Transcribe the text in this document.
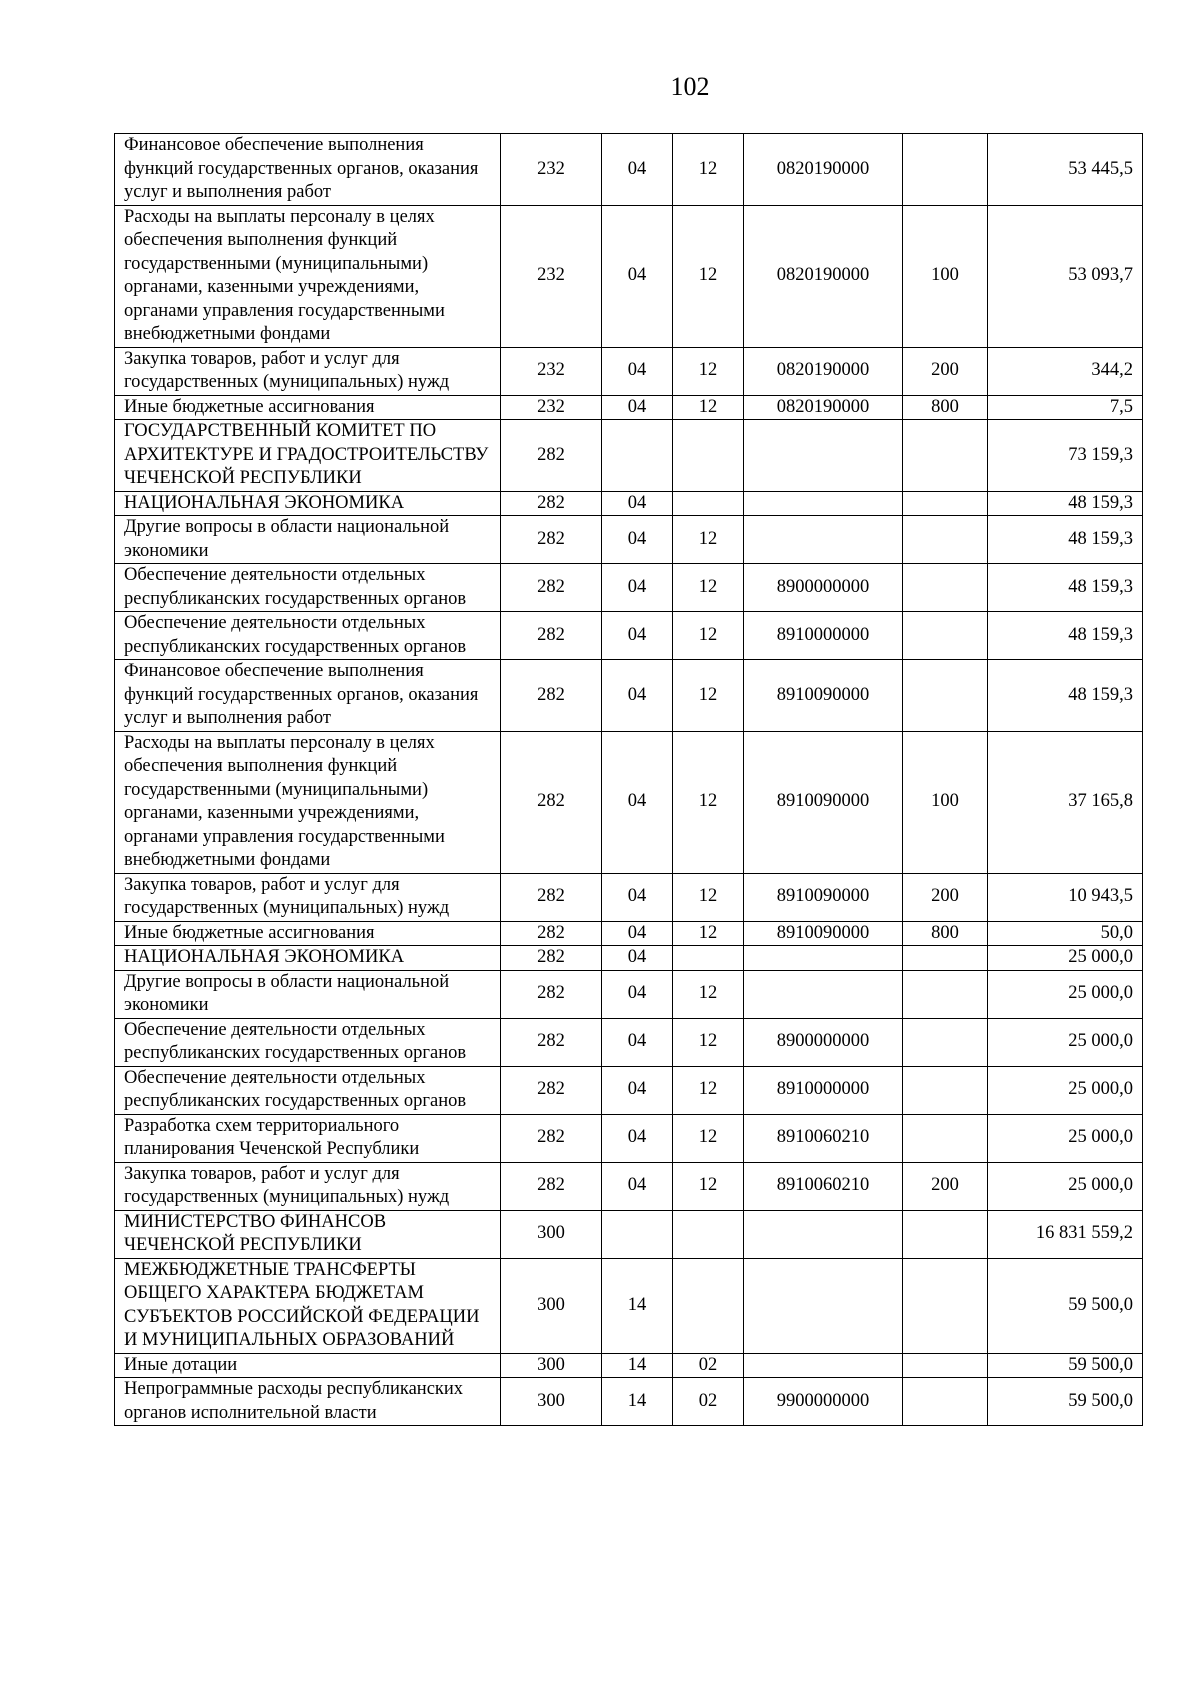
102
Финансовое обеспечение выполнения функций государственных органов, оказания услуг и выполнения работ	232	04	12	0820190000		53 445,5
Расходы на выплаты персоналу в целях обеспечения выполнения функций государственными (муниципальными) органами, казенными учреждениями, органами управления государственными внебюджетными фондами	232	04	12	0820190000	100	53 093,7
Закупка товаров, работ и услуг для государственных (муниципальных) нужд	232	04	12	0820190000	200	344,2
Иные бюджетные ассигнования	232	04	12	0820190000	800	7,5
ГОСУДАРСТВЕННЫЙ КОМИТЕТ ПО АРХИТЕКТУРЕ И ГРАДОСТРОИТЕЛЬСТВУ ЧЕЧЕНСКОЙ РЕСПУБЛИКИ	282					73 159,3
НАЦИОНАЛЬНАЯ ЭКОНОМИКА	282	04				48 159,3
Другие вопросы в области национальной экономики	282	04	12			48 159,3
Обеспечение деятельности отдельных республиканских государственных органов	282	04	12	8900000000		48 159,3
Обеспечение деятельности отдельных республиканских государственных органов	282	04	12	8910000000		48 159,3
Финансовое обеспечение выполнения функций государственных органов, оказания услуг и выполнения работ	282	04	12	8910090000		48 159,3
Расходы на выплаты персоналу в целях обеспечения выполнения функций государственными (муниципальными) органами, казенными учреждениями, органами управления государственными внебюджетными фондами	282	04	12	8910090000	100	37 165,8
Закупка товаров, работ и услуг для государственных (муниципальных) нужд	282	04	12	8910090000	200	10 943,5
Иные бюджетные ассигнования	282	04	12	8910090000	800	50,0
НАЦИОНАЛЬНАЯ ЭКОНОМИКА	282	04				25 000,0
Другие вопросы в области национальной экономики	282	04	12			25 000,0
Обеспечение деятельности отдельных республиканских государственных органов	282	04	12	8900000000		25 000,0
Обеспечение деятельности отдельных республиканских государственных органов	282	04	12	8910000000		25 000,0
Разработка схем территориального планирования Чеченской Республики	282	04	12	8910060210		25 000,0
Закупка товаров, работ и услуг для государственных (муниципальных) нужд	282	04	12	8910060210	200	25 000,0
МИНИСТЕРСТВО ФИНАНСОВ ЧЕЧЕНСКОЙ РЕСПУБЛИКИ	300					16 831 559,2
МЕЖБЮДЖЕТНЫЕ ТРАНСФЕРТЫ ОБЩЕГО ХАРАКТЕРА БЮДЖЕТАМ СУБЪЕКТОВ РОССИЙСКОЙ ФЕДЕРАЦИИ И МУНИЦИПАЛЬНЫХ ОБРАЗОВАНИЙ	300	14				59 500,0
Иные дотации	300	14	02			59 500,0
Непрограммные расходы республиканских органов исполнительной власти	300	14	02	9900000000		59 500,0
